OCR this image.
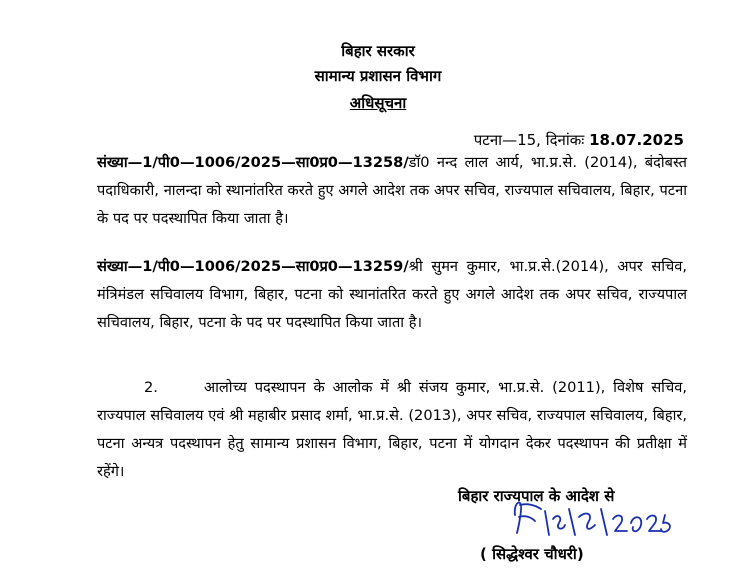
बिहार सरकार
सामान्य प्रशासन विभाग
अधिसूचना
पटना—15, दिनांकः 18.07.2025
संख्या—1/पी0—1006/2025—सा0प्र0—13258/डॉ0 नन्द लाल आर्य, भा.प्र.से. (2014), बंदोबस्त पदाधिकारी, नालन्दा को स्थानांतरित करते हुए अगले आदेश तक अपर सचिव, राज्यपाल सचिवालय, बिहार, पटना के पद पर पदस्थापित किया जाता है।
संख्या—1/पी0—1006/2025—सा0प्र0—13259/श्री सुमन कुमार, भा.प्र.से.(2014), अपर सचिव, मंत्रिमंडल सचिवालय विभाग, बिहार, पटना को स्थानांतरित करते हुए अगले आदेश तक अपर सचिव, राज्यपाल सचिवालय, बिहार, पटना के पद पर पदस्थापित किया जाता है।
2.	आलोच्य पदस्थापन के आलोक में श्री संजय कुमार, भा.प्र.से. (2011), विशेष सचिव, राज्यपाल सचिवालय एवं श्री महाबीर प्रसाद शर्मा, भा.प्र.से. (2013), अपर सचिव, राज्यपाल सचिवालय, बिहार, पटना अन्यत्र पदस्थापन हेतु सामान्य प्रशासन विभाग, बिहार, पटना में योगदान देकर पदस्थापन की प्रतीक्षा में रहेंगे।
बिहार राज्यपाल के आदेश से
( सिद्धेश्वर चौधरी)
